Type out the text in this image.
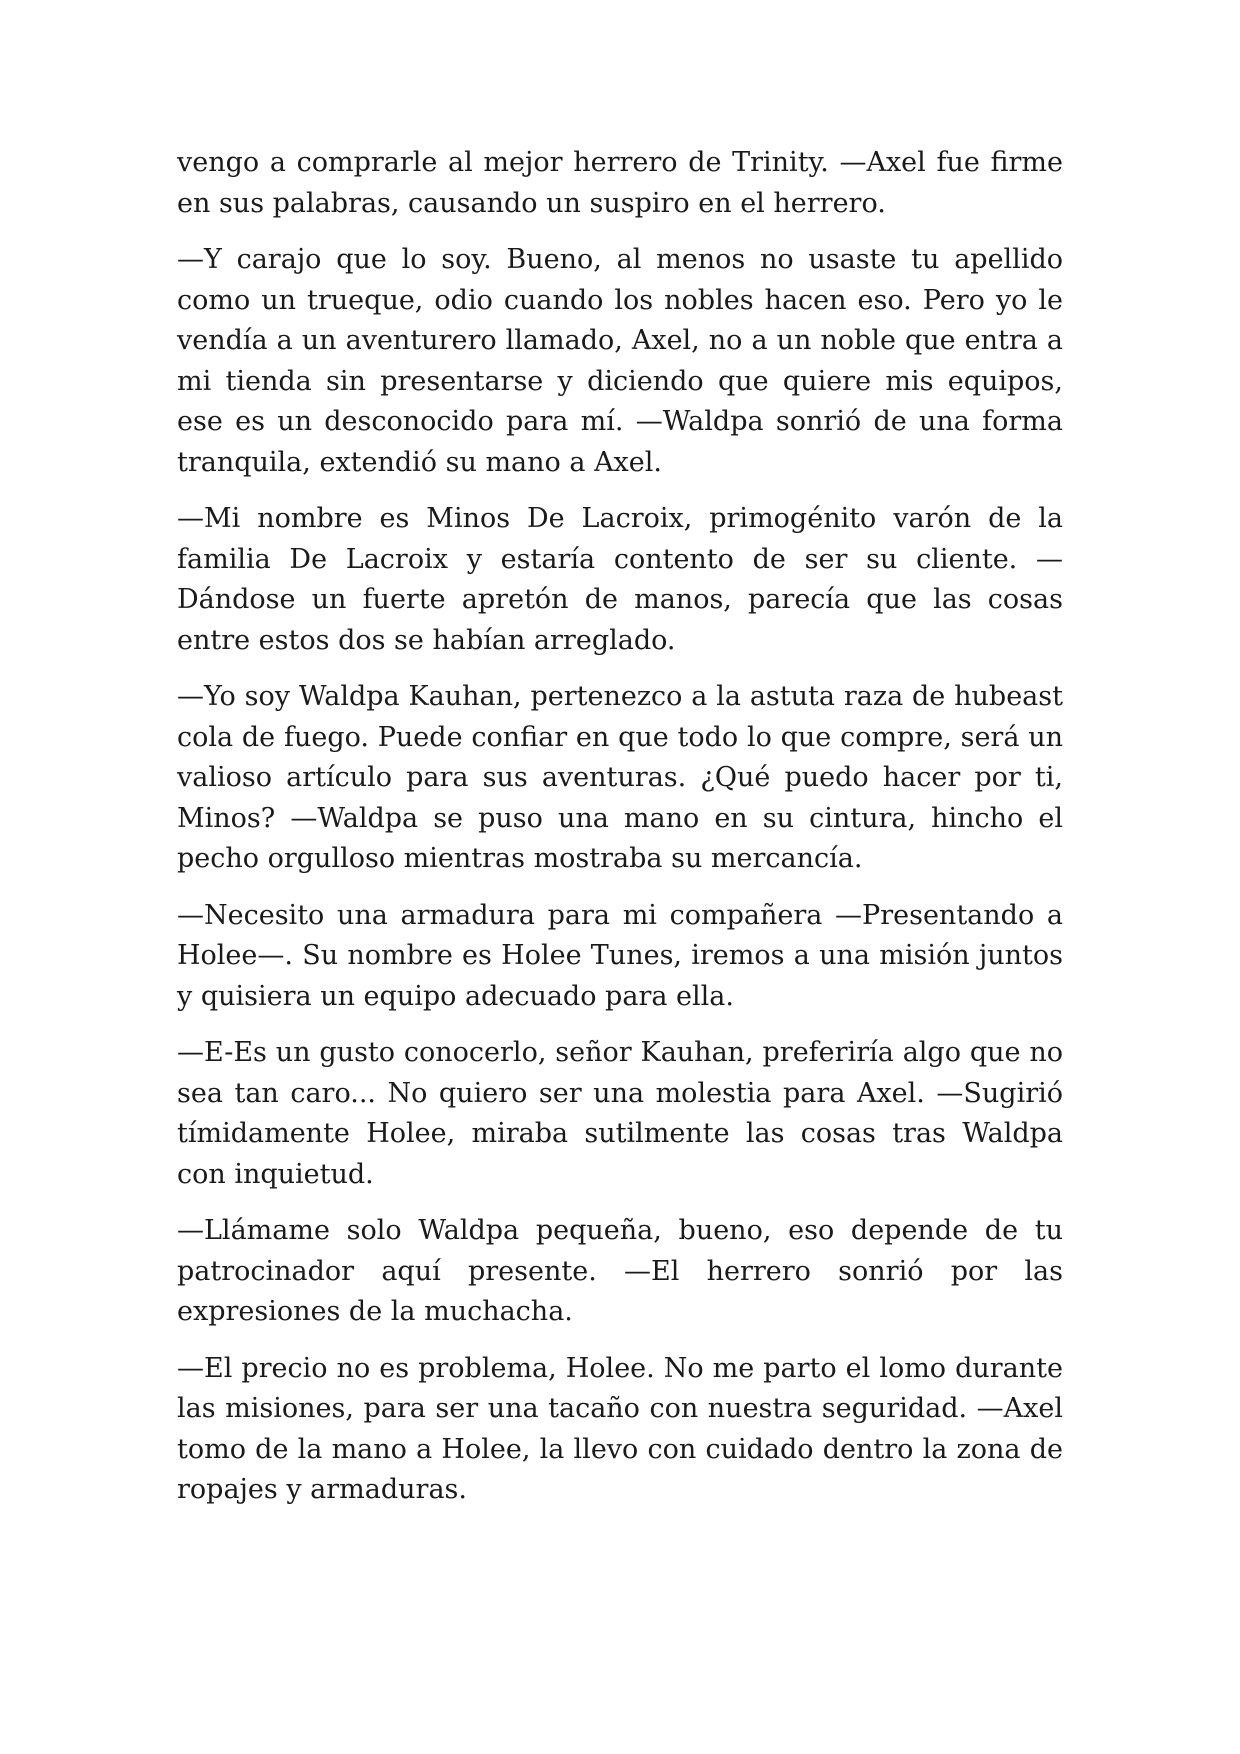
vengo a comprarle al mejor herrero de Trinity. —Axel fue firme en sus palabras, causando un suspiro en el herrero.

—Y carajo que lo soy. Bueno, al menos no usaste tu apellido como un trueque, odio cuando los nobles hacen eso. Pero yo le vendía a un aventurero llamado, Axel, no a un noble que entra a mi tienda sin presentarse y diciendo que quiere mis equipos, ese es un desconocido para mí. —Waldpa sonrió de una forma tranquila, extendió su mano a Axel.

—Mi nombre es Minos De Lacroix, primogénito varón de la familia De Lacroix y estaría contento de ser su cliente. —Dándose un fuerte apretón de manos, parecía que las cosas entre estos dos se habían arreglado.

—Yo soy Waldpa Kauhan, pertenezco a la astuta raza de hubeast cola de fuego. Puede confiar en que todo lo que compre, será un valioso artículo para sus aventuras. ¿Qué puedo hacer por ti, Minos? —Waldpa se puso una mano en su cintura, hincho el pecho orgulloso mientras mostraba su mercancía.

—Necesito una armadura para mi compañera —Presentando a Holee—. Su nombre es Holee Tunes, iremos a una misión juntos y quisiera un equipo adecuado para ella.

—E-Es un gusto conocerlo, señor Kauhan, preferiría algo que no sea tan caro... No quiero ser una molestia para Axel. —Sugirió tímidamente Holee, miraba sutilmente las cosas tras Waldpa con inquietud.

—Llámame solo Waldpa pequeña, bueno, eso depende de tu patrocinador aquí presente. —El herrero sonrió por las expresiones de la muchacha.

—El precio no es problema, Holee. No me parto el lomo durante las misiones, para ser una tacaño con nuestra seguridad. —Axel tomo de la mano a Holee, la llevo con cuidado dentro la zona de ropajes y armaduras.
